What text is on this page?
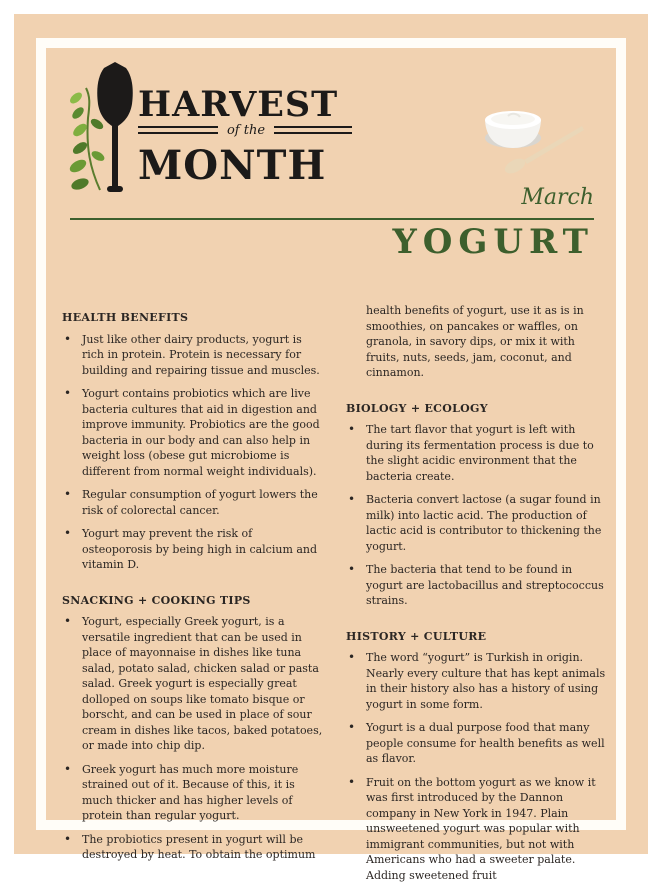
HARVEST
of the
MONTH
March
YOGURT
HEALTH BENEFITS
• Just like other dairy products, yogurt is rich in protein. Protein is necessary for building and repairing tissue and muscles.
• Yogurt contains probiotics which are live bacteria cultures that aid in digestion and improve immunity. Probiotics are the good bacteria in our body and can also help in weight loss (obese gut microbiome is different from normal weight individuals).
• Regular consumption of yogurt lowers the risk of colorectal cancer.
• Yogurt may prevent the risk of osteoporosis by being high in calcium and vitamin D.
SNACKING + COOKING TIPS
• Yogurt, especially Greek yogurt, is a versatile ingredient that can be used in place of mayonnaise in dishes like tuna salad, potato salad, chicken salad or pasta salad. Greek yogurt is especially great dolloped on soups like tomato bisque or borscht, and can be used in place of sour cream in dishes like tacos, baked potatoes, or made into chip dip.
• Greek yogurt has much more moisture strained out of it. Because of this, it is much thicker and has higher levels of protein than regular yogurt.
• The probiotics present in yogurt will be destroyed by heat. To obtain the optimum
health benefits of yogurt, use it as is in smoothies, on pancakes or waffles, on granola, in savory dips, or mix it with fruits, nuts, seeds, jam, coconut, and cinnamon.
BIOLOGY + ECOLOGY
• The tart flavor that yogurt is left with during its fermentation process is due to the slight acidic environment that the bacteria create.
• Bacteria convert lactose (a sugar found in milk) into lactic acid. The production of lactic acid is contributor to thickening the yogurt.
• The bacteria that tend to be found in yogurt are lactobacillus and streptococcus strains.
HISTORY + CULTURE
• The word “yogurt” is Turkish in origin. Nearly every culture that has kept animals in their history also has a history of using yogurt in some form.
• Yogurt is a dual purpose food that many people consume for health benefits as well as flavor.
• Fruit on the bottom yogurt as we know it was first introduced by the Dannon company in New York in 1947. Plain unsweetened yogurt was popular with immigrant communities, but not with Americans who had a sweeter palate. Adding sweetened fruit
